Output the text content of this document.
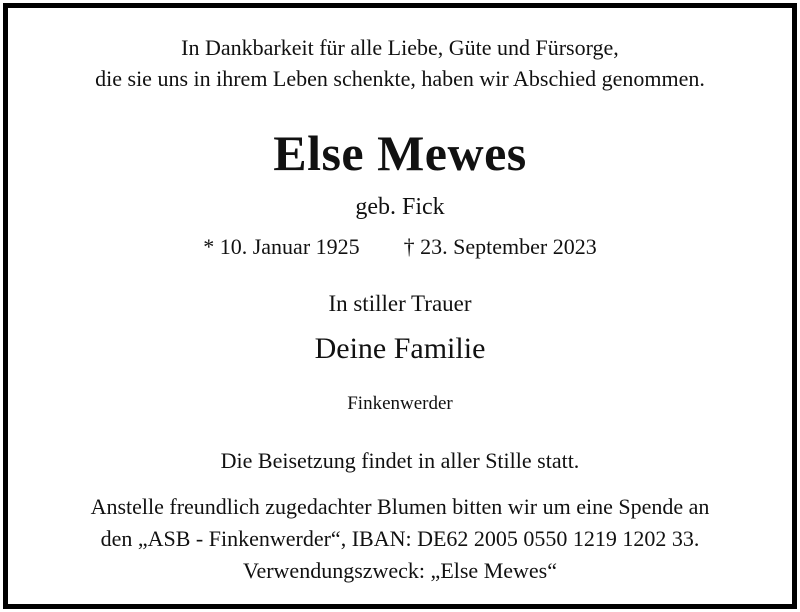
In Dankbarkeit für alle Liebe, Güte und Fürsorge,
die sie uns in ihrem Leben schenkte, haben wir Abschied genommen.
Else Mewes
geb. Fick
* 10. Januar 1925 † 23. September 2023
In stiller Trauer
Deine Familie
Finkenwerder
Die Beisetzung findet in aller Stille statt.
Anstelle freundlich zugedachter Blumen bitten wir um eine Spende an
den „ASB - Finkenwerder“, IBAN: DE62 2005 0550 1219 1202 33.
Verwendungszweck: „Else Mewes“
